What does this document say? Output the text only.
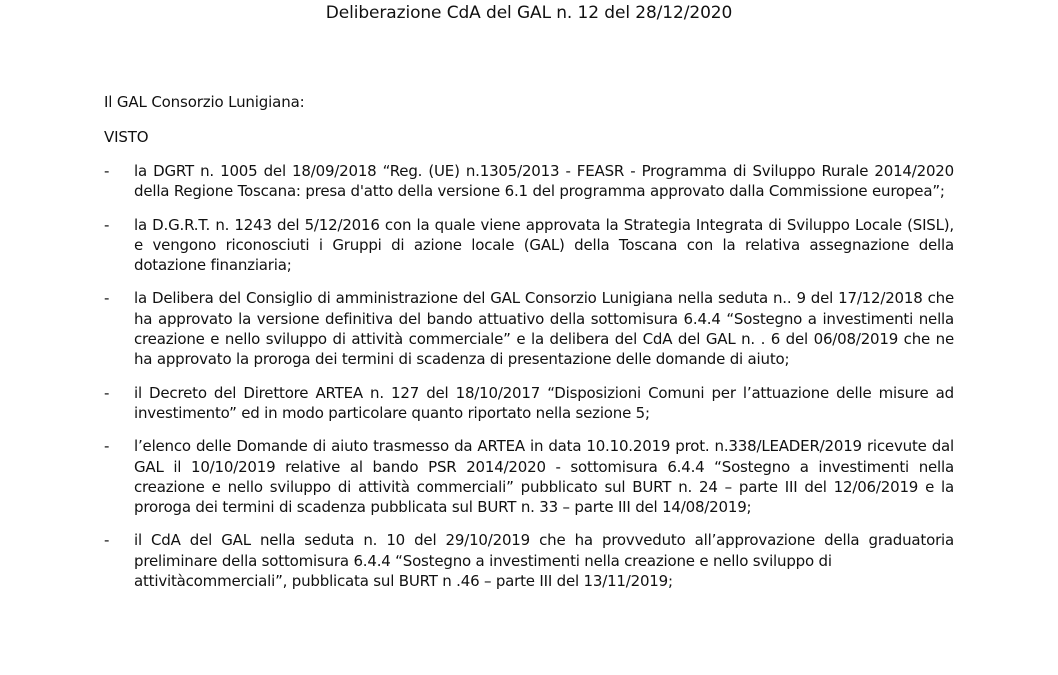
Deliberazione CdA del GAL n. 12 del 28/12/2020
Il GAL Consorzio Lunigiana:
VISTO
- la DGRT n. 1005 del 18/09/2018 “Reg. (UE) n.1305/2013 - FEASR - Programma di Sviluppo Rurale 2014/2020 della Regione Toscana: presa d'atto della versione 6.1 del programma approvato dalla Commissione europea”;
- la D.G.R.T. n. 1243 del 5/12/2016 con la quale viene approvata la Strategia Integrata di Sviluppo Locale (SISL), e vengono riconosciuti i Gruppi di azione locale (GAL) della Toscana con la relativa assegnazione della dotazione finanziaria;
- la Delibera del Consiglio di amministrazione del GAL Consorzio Lunigiana nella seduta n.. 9 del 17/12/2018 che ha approvato la versione definitiva del bando attuativo della sottomisura 6.4.4 “Sostegno a investimenti nella creazione e nello sviluppo di attività commerciale” e la delibera del CdA del GAL n. . 6 del 06/08/2019 che ne ha approvato la proroga dei termini di scadenza di presentazione delle domande di aiuto;
- il Decreto del Direttore ARTEA n. 127 del 18/10/2017 “Disposizioni Comuni per l’attuazione delle misure ad investimento” ed in modo particolare quanto riportato nella sezione 5;
- l’elenco delle Domande di aiuto trasmesso da ARTEA in data 10.10.2019 prot. n.338/LEADER/2019 ricevute dal GAL il 10/10/2019 relative al bando PSR 2014/2020 - sottomisura 6.4.4 “Sostegno a investimenti nella creazione e nello sviluppo di attività commerciali” pubblicato sul BURT n. 24 – parte III del 12/06/2019 e la proroga dei termini di scadenza pubblicata sul BURT n. 33 – parte III del 14/08/2019;
- il CdA del GAL nella seduta n. 10 del 29/10/2019 che ha provveduto all’approvazione della graduatoria preliminare della sottomisura 6.4.4 “Sostegno a investimenti nella creazione e nello sviluppo di
attivitàcommerciali”, pubblicata sul BURT n .46 – parte III del 13/11/2019;
